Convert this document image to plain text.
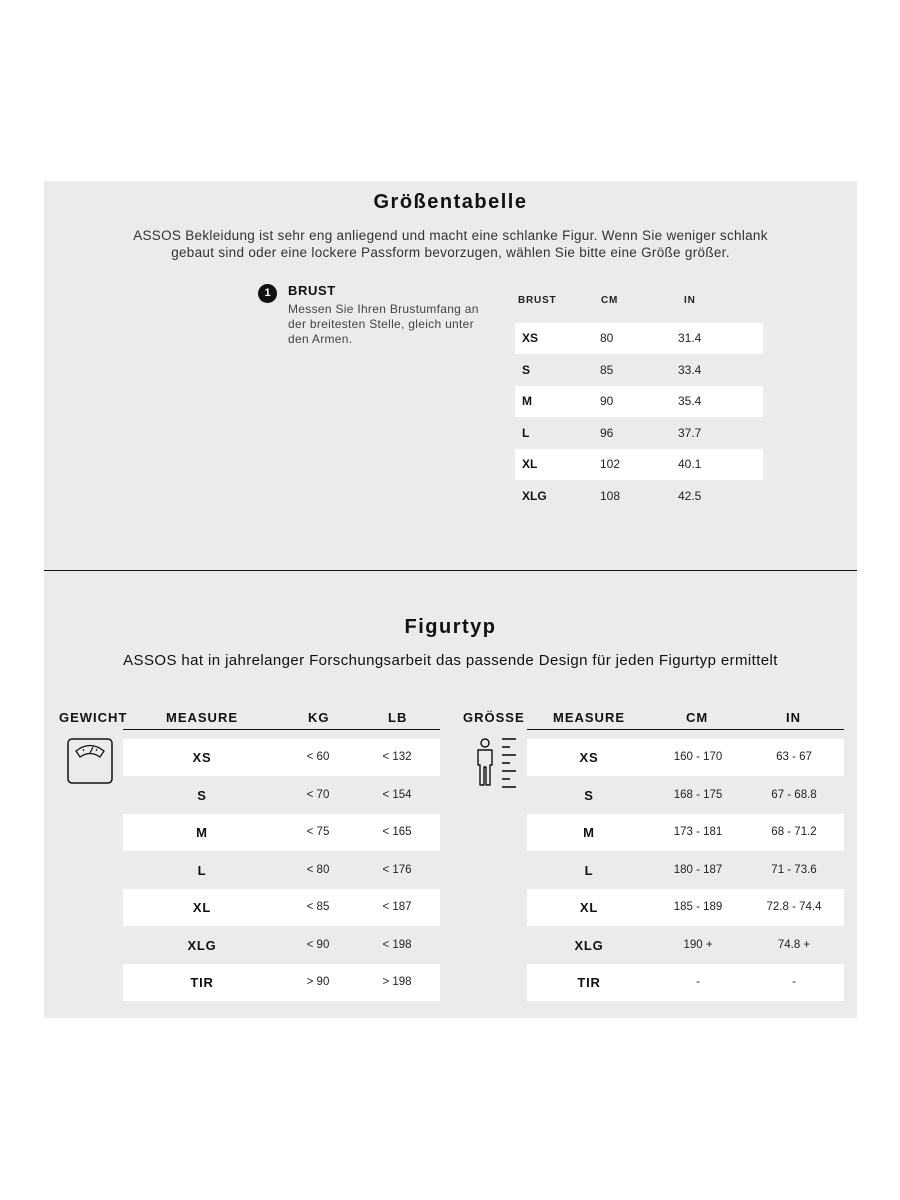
Größentabelle
ASSOS Bekleidung ist sehr eng anliegend und macht eine schlanke Figur. Wenn Sie weniger schlank gebaut sind oder eine lockere Passform bevorzugen, wählen Sie bitte eine Größe größer.
1	BRUST
Messen Sie Ihren Brustumfang an der breitesten Stelle, gleich unter den Armen.
BRUST	CM	IN
XS	80	31.4
S	85	33.4
M	90	35.4
L	96	37.7
XL	102	40.1
XLG	108	42.5
Figurtyp
ASSOS hat in jahrelanger Forschungsarbeit das passende Design für jeden Figurtyp ermittelt
GEWICHT	MEASURE	KG	LB
XS	< 60	< 132
S	< 70	< 154
M	< 75	< 165
L	< 80	< 176
XL	< 85	< 187
XLG	< 90	< 198
TIR	> 90	> 198
GRÖSSE MEASURE	CM	IN
XS	160 - 170	63 - 67
S	168 - 175	67 - 68.8
M	173 - 181	68 - 71.2
L	180 - 187	71 - 73.6
XL	185 - 189	72.8 - 74.4
XLG	190 +	74.8 +
TIR	-	-
